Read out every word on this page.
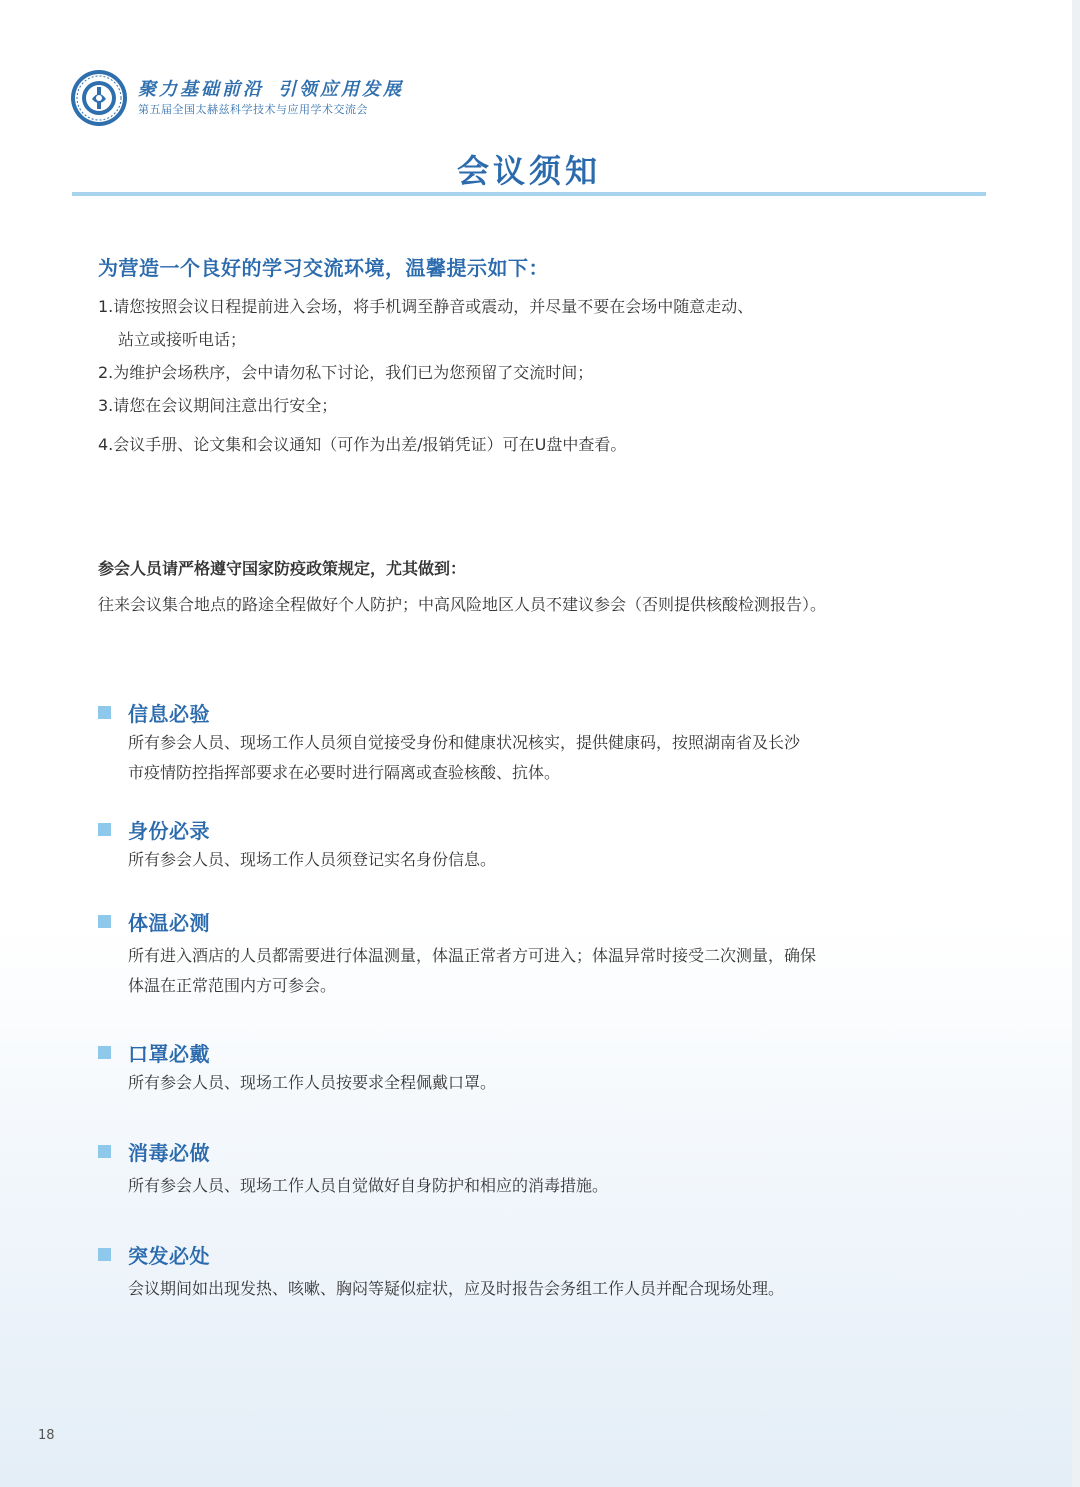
聚力基础前沿 引领应用发展
第五届全国太赫兹科学技术与应用学术交流会
会议须知
为营造一个良好的学习交流环境，温馨提示如下：
1.请您按照会议日程提前进入会场，将手机调至静音或震动，并尽量不要在会场中随意走动、
站立或接听电话；
2.为维护会场秩序，会中请勿私下讨论，我们已为您预留了交流时间；
3.请您在会议期间注意出行安全；
4.会议手册、论文集和会议通知（可作为出差/报销凭证）可在U盘中查看。
参会人员请严格遵守国家防疫政策规定，尤其做到：
往来会议集合地点的路途全程做好个人防护；中高风险地区人员不建议参会（否则提供核酸检测报告）。
信息必验
所有参会人员、现场工作人员须自觉接受身份和健康状况核实，提供健康码，按照湖南省及长沙
市疫情防控指挥部要求在必要时进行隔离或查验核酸、抗体。
身份必录
所有参会人员、现场工作人员须登记实名身份信息。
体温必测
所有进入酒店的人员都需要进行体温测量，体温正常者方可进入；体温异常时接受二次测量，确保
体温在正常范围内方可参会。
口罩必戴
所有参会人员、现场工作人员按要求全程佩戴口罩。
消毒必做
所有参会人员、现场工作人员自觉做好自身防护和相应的消毒措施。
突发必处
会议期间如出现发热、咳嗽、胸闷等疑似症状，应及时报告会务组工作人员并配合现场处理。
18
